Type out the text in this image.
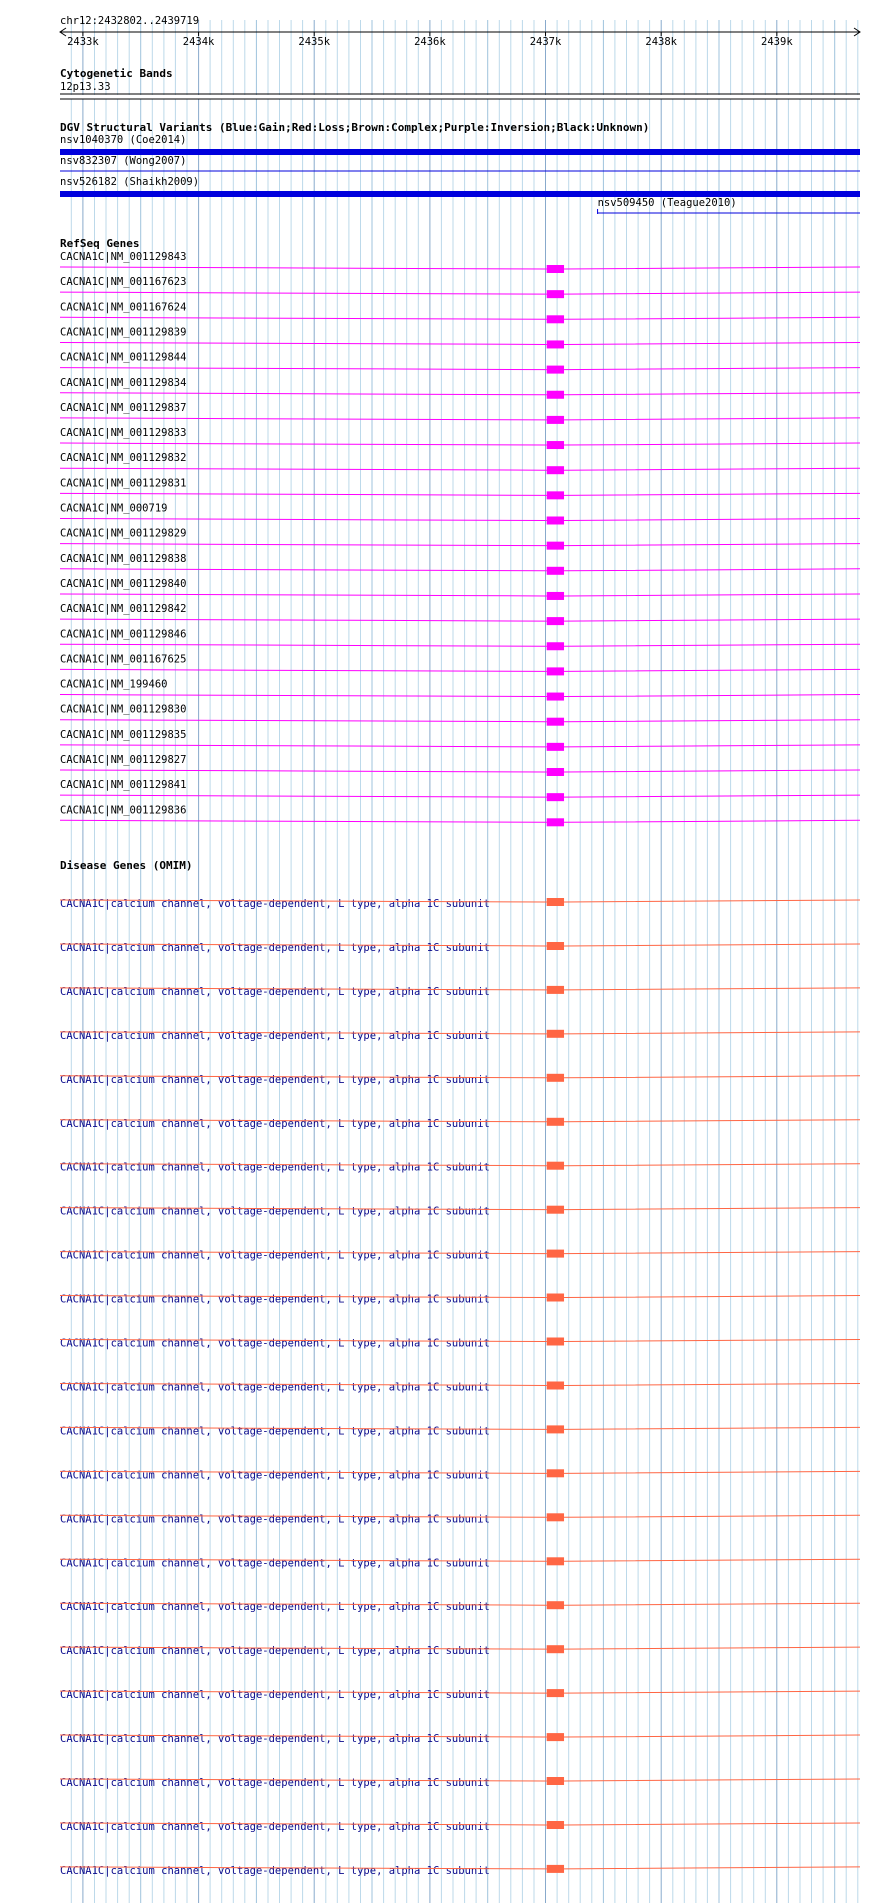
chr12:2432802..2439719
2433k	2434k	2435k	2436k	2437k	2438k	2439k
Cytogenetic Bands
12p13.33
DGV Structural Variants (Blue:Gain;Red:Loss;Brown:Complex;Purple:Inversion;Black:Unknown)
nsv1040370 (Coe2014)
nsv832307 (Wong2007)
nsv526182 (Shaikh2009)
nsv509450 (Teague2010)
RefSeq Genes
CACNA1C|NM_001129843
CACNA1C|NM_001167623
CACNA1C|NM_001167624
CACNA1C|NM_001129839
CACNA1C|NM_001129844
CACNA1C|NM_001129834
CACNA1C|NM_001129837
CACNA1C|NM_001129833
CACNA1C|NM_001129832
CACNA1C|NM_001129831
CACNA1C|NM_000719
CACNA1C|NM_001129829
CACNA1C|NM_001129838
CACNA1C|NM_001129840
CACNA1C|NM_001129842
CACNA1C|NM_001129846
CACNA1C|NM_001167625
CACNA1C|NM_199460
CACNA1C|NM_001129830
CACNA1C|NM_001129835
CACNA1C|NM_001129827
CACNA1C|NM_001129841
CACNA1C|NM_001129836
Disease Genes (OMIM)
CACNA1C|calcium channel, voltage-dependent, L type, alpha 1C subunit
CACNA1C|calcium channel, voltage-dependent, L type, alpha 1C subunit
CACNA1C|calcium channel, voltage-dependent, L type, alpha 1C subunit
CACNA1C|calcium channel, voltage-dependent, L type, alpha 1C subunit
CACNA1C|calcium channel, voltage-dependent, L type, alpha 1C subunit
CACNA1C|calcium channel, voltage-dependent, L type, alpha 1C subunit
CACNA1C|calcium channel, voltage-dependent, L type, alpha 1C subunit
CACNA1C|calcium channel, voltage-dependent, L type, alpha 1C subunit
CACNA1C|calcium channel, voltage-dependent, L type, alpha 1C subunit
CACNA1C|calcium channel, voltage-dependent, L type, alpha 1C subunit
CACNA1C|calcium channel, voltage-dependent, L type, alpha 1C subunit
CACNA1C|calcium channel, voltage-dependent, L type, alpha 1C subunit
CACNA1C|calcium channel, voltage-dependent, L type, alpha 1C subunit
CACNA1C|calcium channel, voltage-dependent, L type, alpha 1C subunit
CACNA1C|calcium channel, voltage-dependent, L type, alpha 1C subunit
CACNA1C|calcium channel, voltage-dependent, L type, alpha 1C subunit
CACNA1C|calcium channel, voltage-dependent, L type, alpha 1C subunit
CACNA1C|calcium channel, voltage-dependent, L type, alpha 1C subunit
CACNA1C|calcium channel, voltage-dependent, L type, alpha 1C subunit
CACNA1C|calcium channel, voltage-dependent, L type, alpha 1C subunit
CACNA1C|calcium channel, voltage-dependent, L type, alpha 1C subunit
CACNA1C|calcium channel, voltage-dependent, L type, alpha 1C subunit
CACNA1C|calcium channel, voltage-dependent, L type, alpha 1C subunit
